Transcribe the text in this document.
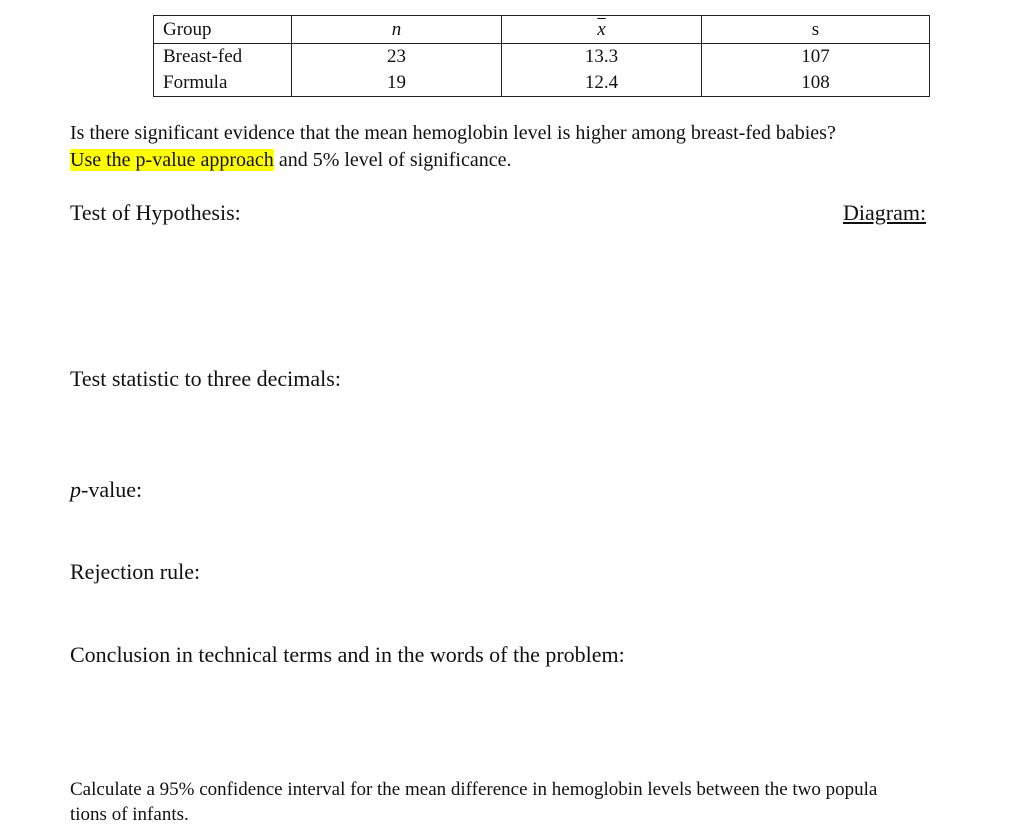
Group	n	$\overline{x}$	s
Breast-fed	23	13.3	107
Formula	19	12.4	108
Is there significant evidence that the mean hemoglobin level is higher among breast-fed babies?
Use the p-value approach and 5% level of significance.
Test of Hypothesis:	Diagram:
Test statistic to three decimals:
p-value:
Rejection rule:
Conclusion in technical terms and in the words of the problem:
Calculate a 95% confidence interval for the mean difference in hemoglobin levels between the two popula
tions of infants.
